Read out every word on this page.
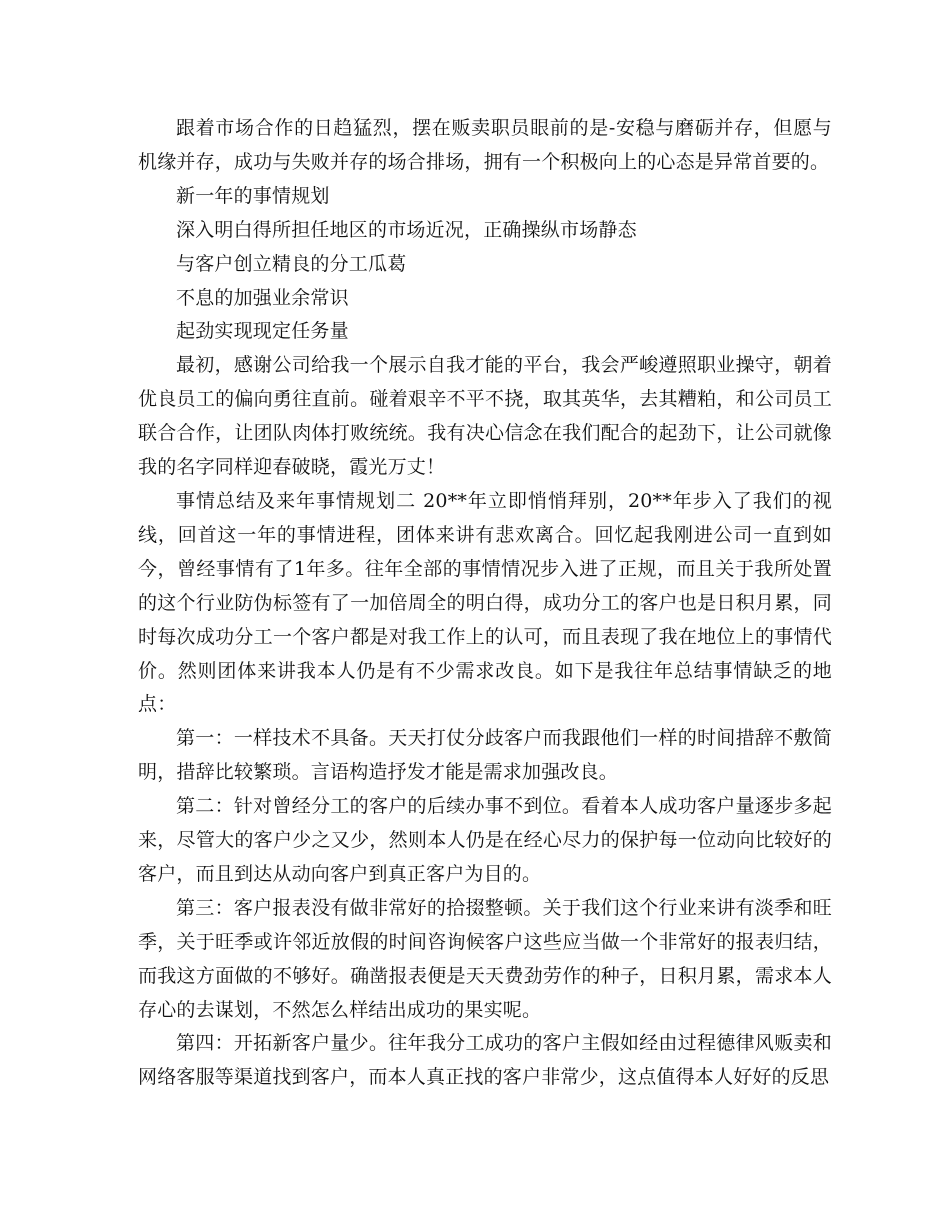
跟着市场合作的日趋猛烈，摆在贩卖职员眼前的是-安稳与磨砺并存，但愿与机缘并存，成功与失败并存的场合排场，拥有一个积极向上的心态是异常首要的。

新一年的事情规划

深入明白得所担任地区的市场近况，正确操纵市场静态

与客户创立精良的分工瓜葛

不息的加强业余常识

起劲实现现定任务量

最初，感谢公司给我一个展示自我才能的平台，我会严峻遵照职业操守，朝着优良员工的偏向勇往直前。碰着艰辛不平不挠，取其英华，去其糟粕，和公司员工联合合作，让团队肉体打败统统。我有决心信念在我们配合的起劲下，让公司就像我的名字同样迎春破晓，霞光万丈！

事情总结及来年事情规划二 20**年立即悄悄拜别，20**年步入了我们的视线，回首这一年的事情进程，团体来讲有悲欢离合。回忆起我刚进公司一直到如今，曾经事情有了1年多。往年全部的事情情况步入进了正规，而且关于我所处置的这个行业防伪标签有了一加倍周全的明白得，成功分工的客户也是日积月累，同时每次成功分工一个客户都是对我工作上的认可，而且表现了我在地位上的事情代价。然则团体来讲我本人仍是有不少需求改良。如下是我往年总结事情缺乏的地点：

第一：一样技术不具备。天天打仗分歧客户而我跟他们一样的时间措辞不敷简明，措辞比较繁琐。言语构造抒发才能是需求加强改良。

第二：针对曾经分工的客户的后续办事不到位。看着本人成功客户量逐步多起来，尽管大的客户少之又少，然则本人仍是在经心尽力的保护每一位动向比较好的客户，而且到达从动向客户到真正客户为目的。

第三：客户报表没有做非常好的拾掇整顿。关于我们这个行业来讲有淡季和旺季，关于旺季或许邻近放假的时间咨询候客户这些应当做一个非常好的报表归结，而我这方面做的不够好。确凿报表便是天天费劲劳作的种子，日积月累，需求本人存心的去谋划，不然怎么样结出成功的果实呢。

第四：开拓新客户量少。往年我分工成功的客户主假如经由过程德律风贩卖和网络客服等渠道找到客户，而本人真正找的客户非常少，这点值得本人好好的反思
